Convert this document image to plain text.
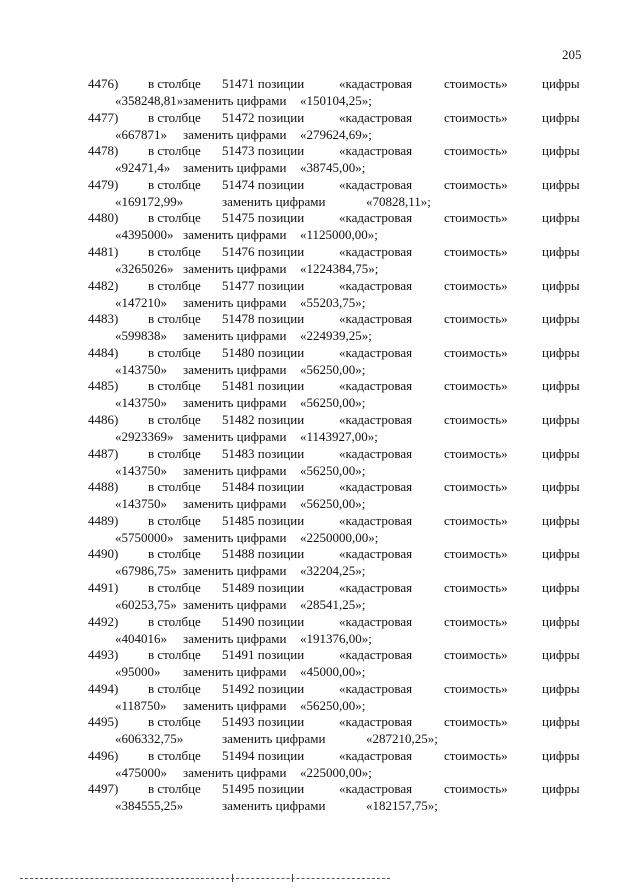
205
4476) в столбце 51471 позиции	«кадастровая стоимость»	цифры
«358248,81» заменить цифрами «150104,25»;
4477) в столбце 51472 позиции	«кадастровая стоимость»	цифры
«667871» заменить цифрами «279624,69»;
4478) в столбце 51473 позиции	«кадастровая стоимость»	цифры
«92471,4» заменить цифрами «38745,00»;
4479) в столбце 51474 позиции	«кадастровая стоимость»	цифры
«169172,99»	заменить цифрами	«70828,11»;
4480) в столбце 51475 позиции	«кадастровая стоимость»	цифры
«4395000» заменить цифрами «1125000,00»;
4481) в столбце 51476 позиции	«кадастровая стоимость»	цифры
«3265026» заменить цифрами «1224384,75»;
4482) в столбце 51477 позиции	«кадастровая стоимость»	цифры
«147210» заменить цифрами «55203,75»;
4483) в столбце 51478 позиции	«кадастровая стоимость»	цифры
«599838» заменить цифрами «224939,25»;
4484) в столбце 51480 позиции	«кадастровая стоимость»	цифры
«143750» заменить цифрами «56250,00»;
4485) в столбце 51481 позиции	«кадастровая стоимость»	цифры
«143750» заменить цифрами «56250,00»;
4486) в столбце 51482 позиции	«кадастровая стоимость»	цифры
«2923369» заменить цифрами «1143927,00»;
4487) в столбце 51483 позиции	«кадастровая стоимость»	цифры
«143750» заменить цифрами «56250,00»;
4488) в столбце 51484 позиции	«кадастровая стоимость»	цифры
«143750» заменить цифрами «56250,00»;
4489) в столбце 51485 позиции	«кадастровая стоимость»	цифры
«5750000» заменить цифрами «2250000,00»;
4490) в столбце 51488 позиции	«кадастровая стоимость»	цифры
«67986,75» заменить цифрами «32204,25»;
4491) в столбце 51489 позиции	«кадастровая стоимость»	цифры
«60253,75» заменить цифрами «28541,25»;
4492) в столбце 51490 позиции	«кадастровая стоимость»	цифры
«404016» заменить цифрами «191376,00»;
4493) в столбце 51491 позиции	«кадастровая стоимость»	цифры
«95000» заменить цифрами «45000,00»;
4494) в столбце 51492 позиции	«кадастровая стоимость»	цифры
«118750» заменить цифрами «56250,00»;
4495) в столбце 51493 позиции	«кадастровая стоимость»	цифры
«606332,75»	заменить цифрами	«287210,25»;
4496) в столбце 51494 позиции	«кадастровая стоимость»	цифры
«475000» заменить цифрами «225000,00»;
4497) в столбце 51495 позиции	«кадастровая стоимость»	цифры
«384555,25»	заменить цифрами	«182157,75»;
